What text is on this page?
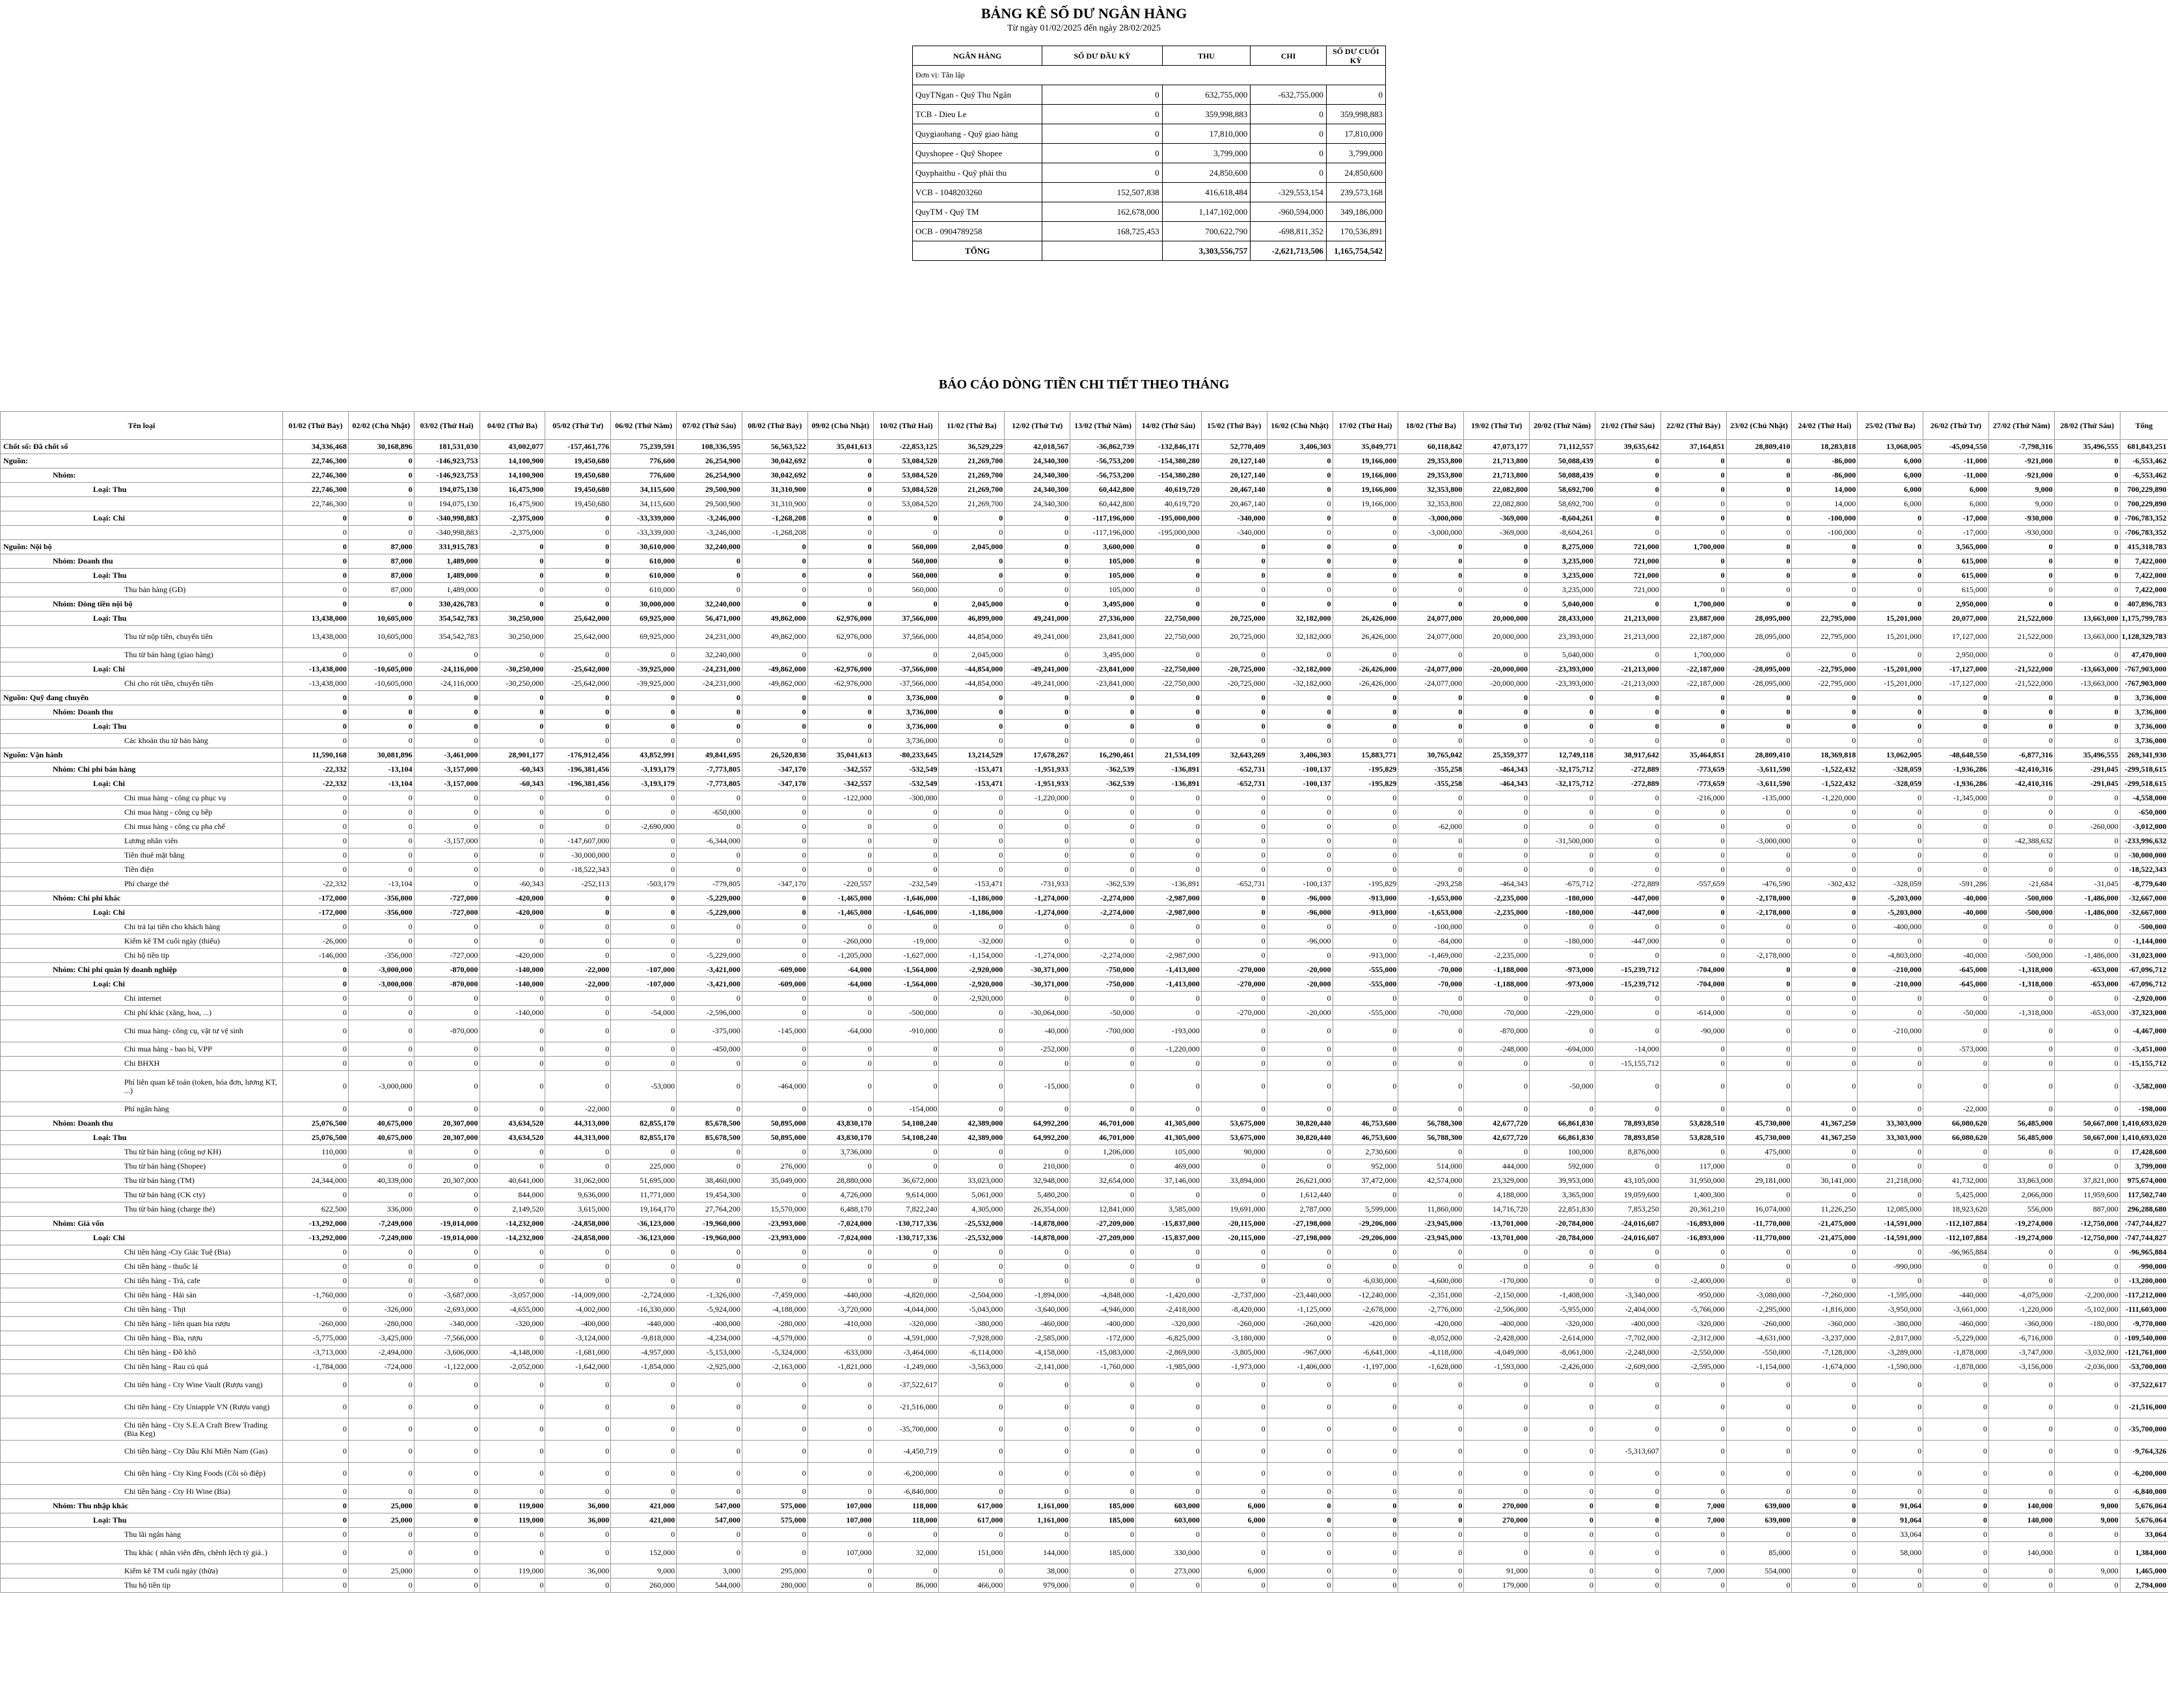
BẢNG KÊ SỐ DƯ NGÂN HÀNG
Từ ngày 01/02/2025 đến ngày 28/02/2025
NGÂN HÀNG	SỐ DƯ ĐẦU KỲ	THU	CHI	SỐ DƯ CUỐI KỲ
Đơn vị: Tân lập				
QuyTNgan - Quỹ Thu Ngân	0	632,755,000	-632,755,000	0
TCB - Dieu Le	0	359,998,883	0	359,998,883
Quygiaohang - Quỹ giao hàng	0	17,810,000	0	17,810,000
Quyshopee - Quỹ Shopee	0	3,799,000	0	3,799,000
Quyphaithu - Quỹ phải thu	0	24,850,600	0	24,850,600
VCB - 1048203260	152,507,838	416,618,484	-329,553,154	239,573,168
QuyTM - Quỹ TM	162,678,000	1,147,102,000	-960,594,000	349,186,000
OCB - 0904789258	168,725,453	700,622,790	-698,811,352	170,536,891
TỔNG		3,303,556,757	-2,621,713,506	1,165,754,542
BÁO CÁO DÒNG TIỀN CHI TIẾT THEO THÁNG
Tên loại	01/02 (Thứ Bảy)	02/02 (Chủ Nhật)	03/02 (Thứ Hai)	04/02 (Thứ Ba)	05/02 (Thứ Tư)	06/02 (Thứ Năm)	07/02 (Thứ Sáu)	08/02 (Thứ Bảy)	09/02 (Chủ Nhật)	10/02 (Thứ Hai)	11/02 (Thứ Ba)	12/02 (Thứ Tư)	13/02 (Thứ Năm)	14/02 (Thứ Sáu)	15/02 (Thứ Bảy)	16/02 (Chủ Nhật)	17/02 (Thứ Hai)	18/02 (Thứ Ba)	19/02 (Thứ Tư)	20/02 (Thứ Năm)	21/02 (Thứ Sáu)	22/02 (Thứ Bảy)	23/02 (Chủ Nhật)	24/02 (Thứ Hai)	25/02 (Thứ Ba)	26/02 (Thứ Tư)	27/02 (Thứ Năm)	28/02 (Thứ Sáu)	Tổng
Chốt số: Đã chốt số	34,336,468	30,168,896	181,531,030	43,002,077	-157,461,776	75,239,591	108,336,595	56,563,522	35,041,613	-22,853,125	36,529,229	42,018,567	-36,862,739	-132,846,171	52,770,409	3,406,303	35,049,771	60,118,842	47,073,177	71,112,557	39,635,642	37,164,851	28,809,410	18,283,818	13,068,005	-45,094,550	-7,798,316	35,496,555	681,843,251
Nguồn:	22,746,300	0	-146,923,753	14,100,900	19,450,680	776,600	26,254,900	30,042,692	0	53,084,520	21,269,700	24,340,300	-56,753,200	-154,380,280	20,127,140	0	19,166,000	29,353,800	21,713,800	50,088,439	0	0	0	-86,000	6,000	-11,000	-921,000	0	-6,553,462
Nhóm:	22,746,300	0	-146,923,753	14,100,900	19,450,680	776,600	26,254,900	30,042,692	0	53,084,520	21,269,700	24,340,300	-56,753,200	-154,380,280	20,127,140	0	19,166,000	29,353,800	21,713,800	50,088,439	0	0	0	-86,000	6,000	-11,000	-921,000	0	-6,553,462
Loại: Thu	22,746,300	0	194,075,130	16,475,900	19,450,680	34,115,600	29,500,900	31,310,900	0	53,084,520	21,269,700	24,340,300	60,442,800	40,619,720	20,467,140	0	19,166,000	32,353,800	22,082,800	58,692,700	0	0	0	14,000	6,000	6,000	9,000	0	700,229,890
	22,746,300	0	194,075,130	16,475,900	19,450,680	34,115,600	29,500,900	31,310,900	0	53,084,520	21,269,700	24,340,300	60,442,800	40,619,720	20,467,140	0	19,166,000	32,353,800	22,082,800	58,692,700	0	0	0	14,000	6,000	6,000	9,000	0	700,229,890
Loại: Chi	0	0	-340,998,883	-2,375,000	0	-33,339,000	-3,246,000	-1,268,208	0	0	0	0	-117,196,000	-195,000,000	-340,000	0	0	-3,000,000	-369,000	-8,604,261	0	0	0	-100,000	0	-17,000	-930,000	0	-706,783,352
	0	0	-340,998,883	-2,375,000	0	-33,339,000	-3,246,000	-1,268,208	0	0	0	0	-117,196,000	-195,000,000	-340,000	0	0	-3,000,000	-369,000	-8,604,261	0	0	0	-100,000	0	-17,000	-930,000	0	-706,783,352
Nguồn: Nội bộ	0	87,000	331,915,783	0	0	30,610,000	32,240,000	0	0	560,000	2,045,000	0	3,600,000	0	0	0	0	0	0	8,275,000	721,000	1,700,000	0	0	0	3,565,000	0	0	415,318,783
Nhóm: Doanh thu	0	87,000	1,489,000	0	0	610,000	0	0	0	560,000	0	0	105,000	0	0	0	0	0	0	3,235,000	721,000	0	0	0	0	615,000	0	0	7,422,000
Loại: Thu	0	87,000	1,489,000	0	0	610,000	0	0	0	560,000	0	0	105,000	0	0	0	0	0	0	3,235,000	721,000	0	0	0	0	615,000	0	0	7,422,000
Thu bán hàng (GĐ)	0	87,000	1,489,000	0	0	610,000	0	0	0	560,000	0	0	105,000	0	0	0	0	0	0	3,235,000	721,000	0	0	0	0	615,000	0	0	7,422,000
Nhóm: Dòng tiền nội bộ	0	0	330,426,783	0	0	30,000,000	32,240,000	0	0	0	2,045,000	0	3,495,000	0	0	0	0	0	0	5,040,000	0	1,700,000	0	0	0	2,950,000	0	0	407,896,783
Loại: Thu	13,438,000	10,605,000	354,542,783	30,250,000	25,642,000	69,925,000	56,471,000	49,862,000	62,976,000	37,566,000	46,899,000	49,241,000	27,336,000	22,750,000	20,725,000	32,182,000	26,426,000	24,077,000	20,000,000	28,433,000	21,213,000	23,887,000	28,095,000	22,795,000	15,201,000	20,077,000	21,522,000	13,663,000	1,175,799,783
Thu từ nộp tiền, chuyển tiền	13,438,000	10,605,000	354,542,783	30,250,000	25,642,000	69,925,000	24,231,000	49,862,000	62,976,000	37,566,000	44,854,000	49,241,000	23,841,000	22,750,000	20,725,000	32,182,000	26,426,000	24,077,000	20,000,000	23,393,000	21,213,000	22,187,000	28,095,000	22,795,000	15,201,000	17,127,000	21,522,000	13,663,000	1,128,329,783
Thu từ bán hàng (giao hàng)	0	0	0	0	0	0	32,240,000	0	0	0	2,045,000	0	3,495,000	0	0	0	0	0	0	5,040,000	0	1,700,000	0	0	0	2,950,000	0	0	47,470,000
Loại: Chi	-13,438,000	-10,605,000	-24,116,000	-30,250,000	-25,642,000	-39,925,000	-24,231,000	-49,862,000	-62,976,000	-37,566,000	-44,854,000	-49,241,000	-23,841,000	-22,750,000	-20,725,000	-32,182,000	-26,426,000	-24,077,000	-20,000,000	-23,393,000	-21,213,000	-22,187,000	-28,095,000	-22,795,000	-15,201,000	-17,127,000	-21,522,000	-13,663,000	-767,903,000
Chi cho rút tiền, chuyển tiền	-13,438,000	-10,605,000	-24,116,000	-30,250,000	-25,642,000	-39,925,000	-24,231,000	-49,862,000	-62,976,000	-37,566,000	-44,854,000	-49,241,000	-23,841,000	-22,750,000	-20,725,000	-32,182,000	-26,426,000	-24,077,000	-20,000,000	-23,393,000	-21,213,000	-22,187,000	-28,095,000	-22,795,000	-15,201,000	-17,127,000	-21,522,000	-13,663,000	-767,903,000
Nguồn: Quỹ đang chuyển	0	0	0	0	0	0	0	0	0	3,736,000	0	0	0	0	0	0	0	0	0	0	0	0	0	0	0	0	0	0	3,736,000
Nhóm: Doanh thu	0	0	0	0	0	0	0	0	0	3,736,000	0	0	0	0	0	0	0	0	0	0	0	0	0	0	0	0	0	0	3,736,000
Loại: Thu	0	0	0	0	0	0	0	0	0	3,736,000	0	0	0	0	0	0	0	0	0	0	0	0	0	0	0	0	0	0	3,736,000
Các khoản thu từ bán hàng	0	0	0	0	0	0	0	0	0	3,736,000	0	0	0	0	0	0	0	0	0	0	0	0	0	0	0	0	0	0	3,736,000
Nguồn: Vận hành	11,590,168	30,081,896	-3,461,000	28,901,177	-176,912,456	43,852,991	49,841,695	26,520,830	35,041,613	-80,233,645	13,214,529	17,678,267	16,290,461	21,534,109	32,643,269	3,406,303	15,883,771	30,765,042	25,359,377	12,749,118	38,917,642	35,464,851	28,809,410	18,369,818	13,062,005	-48,648,550	-6,877,316	35,496,555	269,341,930
Nhóm: Chi phí bán hàng	-22,332	-13,104	-3,157,000	-60,343	-196,381,456	-3,193,179	-7,773,805	-347,170	-342,557	-532,549	-153,471	-1,951,933	-362,539	-136,891	-652,731	-100,137	-195,829	-355,258	-464,343	-32,175,712	-272,889	-773,659	-3,611,590	-1,522,432	-328,059	-1,936,286	-42,410,316	-291,045	-299,518,615
Loại: Chi	-22,332	-13,104	-3,157,000	-60,343	-196,381,456	-3,193,179	-7,773,805	-347,170	-342,557	-532,549	-153,471	-1,951,933	-362,539	-136,891	-652,731	-100,137	-195,829	-355,258	-464,343	-32,175,712	-272,889	-773,659	-3,611,590	-1,522,432	-328,059	-1,936,286	-42,410,316	-291,045	-299,518,615
Chi mua hàng - công cụ phục vụ	0	0	0	0	0	0	0	0	-122,000	-300,000	0	-1,220,000	0	0	0	0	0	0	0	0	0	-216,000	-135,000	-1,220,000	0	-1,345,000	0	0	-4,558,000
Chi mua hàng - công cụ bếp	0	0	0	0	0	0	-650,000	0	0	0	0	0	0	0	0	0	0	0	0	0	0	0	0	0	0	0	0	0	-650,000
Chi mua hàng - công cụ pha chế	0	0	0	0	0	-2,690,000	0	0	0	0	0	0	0	0	0	0	0	-62,000	0	0	0	0	0	0	0	0	0	-260,000	-3,012,000
Lương nhân viên	0	0	-3,157,000	0	-147,607,000	0	-6,344,000	0	0	0	0	0	0	0	0	0	0	0	0	-31,500,000	0	0	-3,000,000	0	0	0	-42,388,632	0	-233,996,632
Tiền thuê mặt bằng	0	0	0	0	-30,000,000	0	0	0	0	0	0	0	0	0	0	0	0	0	0	0	0	0	0	0	0	0	0	0	-30,000,000
Tiền điện	0	0	0	0	-18,522,343	0	0	0	0	0	0	0	0	0	0	0	0	0	0	0	0	0	0	0	0	0	0	0	-18,522,343
Phí charge thẻ	-22,332	-13,104	0	-60,343	-252,113	-503,179	-779,805	-347,170	-220,557	-232,549	-153,471	-731,933	-362,539	-136,891	-652,731	-100,137	-195,829	-293,258	-464,343	-675,712	-272,889	-557,659	-476,590	-302,432	-328,059	-591,286	-21,684	-31,045	-8,779,640
Nhóm: Chi phí khác	-172,000	-356,000	-727,000	-420,000	0	0	-5,229,000	0	-1,465,000	-1,646,000	-1,186,000	-1,274,000	-2,274,000	-2,987,000	0	-96,000	-913,000	-1,653,000	-2,235,000	-180,000	-447,000	0	-2,178,000	0	-5,203,000	-40,000	-500,000	-1,486,000	-32,667,000
Loại: Chi	-172,000	-356,000	-727,000	-420,000	0	0	-5,229,000	0	-1,465,000	-1,646,000	-1,186,000	-1,274,000	-2,274,000	-2,987,000	0	-96,000	-913,000	-1,653,000	-2,235,000	-180,000	-447,000	0	-2,178,000	0	-5,203,000	-40,000	-500,000	-1,486,000	-32,667,000
Chi trả lại tiền cho khách hàng	0	0	0	0	0	0	0	0	0	0	0	0	0	0	0	0	0	-100,000	0	0	0	0	0	0	-400,000	0	0	0	-500,000
Kiểm kê TM cuối ngày (thiếu)	-26,000	0	0	0	0	0	0	0	-260,000	-19,000	-32,000	0	0	0	0	-96,000	0	-84,000	0	-180,000	-447,000	0	0	0	0	0	0	0	-1,144,000
Chi hộ tiền tip	-146,000	-356,000	-727,000	-420,000	0	0	-5,229,000	0	-1,205,000	-1,627,000	-1,154,000	-1,274,000	-2,274,000	-2,987,000	0	0	-913,000	-1,469,000	-2,235,000	0	0	0	-2,178,000	0	-4,803,000	-40,000	-500,000	-1,486,000	-31,023,000
Nhóm: Chi phí quản lý doanh nghiệp	0	-3,000,000	-870,000	-140,000	-22,000	-107,000	-3,421,000	-609,000	-64,000	-1,564,000	-2,920,000	-30,371,000	-750,000	-1,413,000	-270,000	-20,000	-555,000	-70,000	-1,188,000	-973,000	-15,239,712	-704,000	0	0	-210,000	-645,000	-1,318,000	-653,000	-67,096,712
Loại: Chi	0	-3,000,000	-870,000	-140,000	-22,000	-107,000	-3,421,000	-609,000	-64,000	-1,564,000	-2,920,000	-30,371,000	-750,000	-1,413,000	-270,000	-20,000	-555,000	-70,000	-1,188,000	-973,000	-15,239,712	-704,000	0	0	-210,000	-645,000	-1,318,000	-653,000	-67,096,712
Chi internet	0	0	0	0	0	0	0	0	0	0	-2,920,000	0	0	0	0	0	0	0	0	0	0	0	0	0	0	0	0	0	-2,920,000
Chi phí khác (xăng, hoa, ...)	0	0	0	-140,000	0	-54,000	-2,596,000	0	0	-500,000	0	-30,064,000	-50,000	0	-270,000	-20,000	-555,000	-70,000	-70,000	-229,000	0	-614,000	0	0	0	-50,000	-1,318,000	-653,000	-37,323,000
Chi mua hàng- công cụ, vật tư vệ sinh	0	0	-870,000	0	0	0	-375,000	-145,000	-64,000	-910,000	0	-40,000	-700,000	-193,000	0	0	0	0	-870,000	0	0	-90,000	0	0	-210,000	0	0	0	-4,467,000
Chi mua hàng - bao bì, VPP	0	0	0	0	0	0	-450,000	0	0	0	0	-252,000	0	-1,220,000	0	0	0	0	-248,000	-694,000	-14,000	0	0	0	0	-573,000	0	0	-3,451,000
Chi BHXH	0	0	0	0	0	0	0	0	0	0	0	0	0	0	0	0	0	0	0	0	-15,155,712	0	0	0	0	0	0	0	-15,155,712
Phí liên quan kế toán (token, hóa đơn, lương KT, ...)	0	-3,000,000	0	0	0	-53,000	0	-464,000	0	0	0	-15,000	0	0	0	0	0	0	0	-50,000	0	0	0	0	0	0	0	0	-3,582,000
Phí ngân hàng	0	0	0	0	-22,000	0	0	0	0	-154,000	0	0	0	0	0	0	0	0	0	0	0	0	0	0	0	-22,000	0	0	-198,000
Nhóm: Doanh thu	25,076,500	40,675,000	20,307,000	43,634,520	44,313,000	82,855,170	85,678,500	50,895,000	43,830,170	54,108,240	42,389,000	64,992,200	46,701,000	41,305,000	53,675,000	30,820,440	46,753,600	56,788,300	42,677,720	66,861,830	78,893,850	53,828,510	45,730,000	41,367,250	33,303,000	66,080,620	56,485,000	50,667,000	1,410,693,020
Loại: Thu	25,076,500	40,675,000	20,307,000	43,634,520	44,313,000	82,855,170	85,678,500	50,895,000	43,830,170	54,108,240	42,389,000	64,992,200	46,701,000	41,305,000	53,675,000	30,820,440	46,753,600	56,788,300	42,677,720	66,861,830	78,893,850	53,828,510	45,730,000	41,367,250	33,303,000	66,080,620	56,485,000	50,667,000	1,410,693,020
Thu từ bán hàng (công nợ KH)	110,000	0	0	0	0	0	0	0	3,736,000	0	0	0	1,206,000	105,000	90,000	0	2,730,600	0	0	100,000	8,876,000	0	475,000	0	0	0	0	0	17,428,600
Thu từ bán hàng (Shopee)	0	0	0	0	0	225,000	0	276,000	0	0	0	210,000	0	469,000	0	0	952,000	514,000	444,000	592,000	0	117,000	0	0	0	0	0	0	3,799,000
Thu từ bán hàng (TM)	24,344,000	40,339,000	20,307,000	40,641,000	31,062,000	51,695,000	38,460,000	35,049,000	28,880,000	36,672,000	33,023,000	32,948,000	32,654,000	37,146,000	33,894,000	26,621,000	37,472,000	42,574,000	23,329,000	39,953,000	43,105,000	31,950,000	29,181,000	30,141,000	21,218,000	41,732,000	33,863,000	37,821,000	975,674,000
Thu từ bán hàng (CK cty)	0	0	0	844,000	9,636,000	11,771,000	19,454,300	0	4,726,000	9,614,000	5,061,000	5,480,200	0	0	0	1,612,440	0	0	4,188,000	3,365,000	19,059,600	1,400,300	0	0	0	5,425,000	2,066,000	11,959,600	117,502,740
Thu từ bán hàng (charge thẻ)	622,500	336,000	0	2,149,520	3,615,000	19,164,170	27,764,200	15,570,000	6,488,170	7,822,240	4,305,000	26,354,000	12,841,000	3,585,000	19,691,000	2,787,000	5,599,000	11,860,000	14,716,720	22,851,830	7,853,250	20,361,210	16,074,000	11,226,250	12,085,000	18,923,620	556,000	887,000	296,288,680
Nhóm: Giá vốn	-13,292,000	-7,249,000	-19,014,000	-14,232,000	-24,858,000	-36,123,000	-19,960,000	-23,993,000	-7,024,000	-130,717,336	-25,532,000	-14,878,000	-27,209,000	-15,837,000	-20,115,000	-27,198,000	-29,206,000	-23,945,000	-13,701,000	-20,784,000	-24,016,607	-16,893,000	-11,770,000	-21,475,000	-14,591,000	-112,107,884	-19,274,000	-12,750,000	-747,744,827
Loại: Chi	-13,292,000	-7,249,000	-19,014,000	-14,232,000	-24,858,000	-36,123,000	-19,960,000	-23,993,000	-7,024,000	-130,717,336	-25,532,000	-14,878,000	-27,209,000	-15,837,000	-20,115,000	-27,198,000	-29,206,000	-23,945,000	-13,701,000	-20,784,000	-24,016,607	-16,893,000	-11,770,000	-21,475,000	-14,591,000	-112,107,884	-19,274,000	-12,750,000	-747,744,827
Chi tiền hàng -Cty Giác Tuệ (Bia)	0	0	0	0	0	0	0	0	0	0	0	0	0	0	0	0	0	0	0	0	0	0	0	0	0	-96,965,884	0	0	-96,965,884
Chi tiền hàng - thuốc lá	0	0	0	0	0	0	0	0	0	0	0	0	0	0	0	0	0	0	0	0	0	0	0	0	-990,000	0	0	0	-990,000
Chi tiền hàng - Trà, cafe	0	0	0	0	0	0	0	0	0	0	0	0	0	0	0	0	-6,030,000	-4,600,000	-170,000	0	0	-2,400,000	0	0	0	0	0	0	-13,200,000
Chi tiền hàng - Hải sản	-1,760,000	0	-3,687,000	-3,057,000	-14,009,000	-2,724,000	-1,326,000	-7,459,000	-440,000	-4,820,000	-2,504,000	-1,894,000	-4,848,000	-1,420,000	-2,737,000	-23,440,000	-12,240,000	-2,351,000	-2,150,000	-1,408,000	-3,340,000	-950,000	-3,080,000	-7,260,000	-1,595,000	-440,000	-4,075,000	-2,200,000	-117,212,000
Chi tiền hàng - Thịt	0	-326,000	-2,693,000	-4,655,000	-4,002,000	-16,330,000	-5,924,000	-4,188,000	-3,720,000	-4,044,000	-5,043,000	-3,640,000	-4,946,000	-2,418,000	-8,420,000	-1,125,000	-2,678,000	-2,776,000	-2,506,000	-5,955,000	-2,404,000	-5,766,000	-2,295,000	-1,816,000	-3,950,000	-3,661,000	-1,220,000	-5,102,000	-111,603,000
Chi tiền hàng - liên quan bia rượu	-260,000	-280,000	-340,000	-320,000	-400,000	-440,000	-400,000	-280,000	-410,000	-320,000	-380,000	-460,000	-400,000	-320,000	-260,000	-260,000	-420,000	-420,000	-400,000	-320,000	-400,000	-320,000	-260,000	-360,000	-380,000	-460,000	-360,000	-180,000	-9,770,000
Chi tiền hàng - Bia, rượu	-5,775,000	-3,425,000	-7,566,000	0	-3,124,000	-9,818,000	-4,234,000	-4,579,000	0	-4,591,000	-7,928,000	-2,585,000	-172,000	-6,825,000	-3,180,000	0	0	-8,052,000	-2,428,000	-2,614,000	-7,702,000	-2,312,000	-4,631,000	-3,237,000	-2,817,000	-5,229,000	-6,716,000	0	-109,540,000
Chi tiền hàng - Đồ khô	-3,713,000	-2,494,000	-3,606,000	-4,148,000	-1,681,000	-4,957,000	-5,153,000	-5,324,000	-633,000	-3,464,000	-6,114,000	-4,158,000	-15,083,000	-2,869,000	-3,805,000	-967,000	-6,641,000	-4,118,000	-4,049,000	-8,061,000	-2,248,000	-2,550,000	-550,000	-7,128,000	-3,289,000	-1,878,000	-3,747,000	-3,032,000	-121,761,000
Chi tiền hàng - Rau củ quả	-1,784,000	-724,000	-1,122,000	-2,052,000	-1,642,000	-1,854,000	-2,925,000	-2,163,000	-1,821,000	-1,249,000	-3,563,000	-2,141,000	-1,760,000	-1,985,000	-1,973,000	-1,406,000	-1,197,000	-1,628,000	-1,593,000	-2,426,000	-2,609,000	-2,595,000	-1,154,000	-1,674,000	-1,590,000	-1,878,000	-3,156,000	-2,036,000	-53,700,000
Chi tiền hàng - Cty Wine Vault (Rượu vang)	0	0	0	0	0	0	0	0	0	-37,522,617	0	0	0	0	0	0	0	0	0	0	0	0	0	0	0	0	0	0	-37,522,617
Chi tiền hàng - Cty Uniapple VN (Rượu vang)	0	0	0	0	0	0	0	0	0	-21,516,000	0	0	0	0	0	0	0	0	0	0	0	0	0	0	0	0	0	0	-21,516,000
Chi tiền hàng - Cty S.E.A Craft Brew Trading (Bia Keg)	0	0	0	0	0	0	0	0	0	-35,700,000	0	0	0	0	0	0	0	0	0	0	0	0	0	0	0	0	0	0	-35,700,000
Chi tiền hàng - Cty Dầu Khí Miền Nam (Gas)	0	0	0	0	0	0	0	0	0	-4,450,719	0	0	0	0	0	0	0	0	0	0	-5,313,607	0	0	0	0	0	0	0	-9,764,326
Chi tiền hàng - Cty King Foods (Cồi sò điệp)	0	0	0	0	0	0	0	0	0	-6,200,000	0	0	0	0	0	0	0	0	0	0	0	0	0	0	0	0	0	0	-6,200,000
Chi tiền hàng - Cty Hi Wine (Bia)	0	0	0	0	0	0	0	0	0	-6,840,000	0	0	0	0	0	0	0	0	0	0	0	0	0	0	0	0	0	0	-6,840,000
Nhóm: Thu nhập khác	0	25,000	0	119,000	36,000	421,000	547,000	575,000	107,000	118,000	617,000	1,161,000	185,000	603,000	6,000	0	0	0	270,000	0	0	7,000	639,000	0	91,064	0	140,000	9,000	5,676,064
Loại: Thu	0	25,000	0	119,000	36,000	421,000	547,000	575,000	107,000	118,000	617,000	1,161,000	185,000	603,000	6,000	0	0	0	270,000	0	0	7,000	639,000	0	91,064	0	140,000	9,000	5,676,064
Thu lãi ngân hàng	0	0	0	0	0	0	0	0	0	0	0	0	0	0	0	0	0	0	0	0	0	0	0	0	33,064	0	0	0	33,064
Thu khác ( nhân viên đền, chênh lệch tỷ giá..)	0	0	0	0	0	152,000	0	0	107,000	32,000	151,000	144,000	185,000	330,000	0	0	0	0	0	0	0	0	85,000	0	58,000	0	140,000	0	1,384,000
Kiểm kê TM cuối ngày (thừa)	0	25,000	0	119,000	36,000	9,000	3,000	295,000	0	0	0	38,000	0	273,000	6,000	0	0	0	91,000	0	0	7,000	554,000	0	0	0	0	9,000	1,465,000
Thu hộ tiền tip	0	0	0	0	0	260,000	544,000	280,000	0	86,000	466,000	979,000	0	0	0	0	0	0	179,000	0	0	0	0	0	0	0	0	0	2,794,000
